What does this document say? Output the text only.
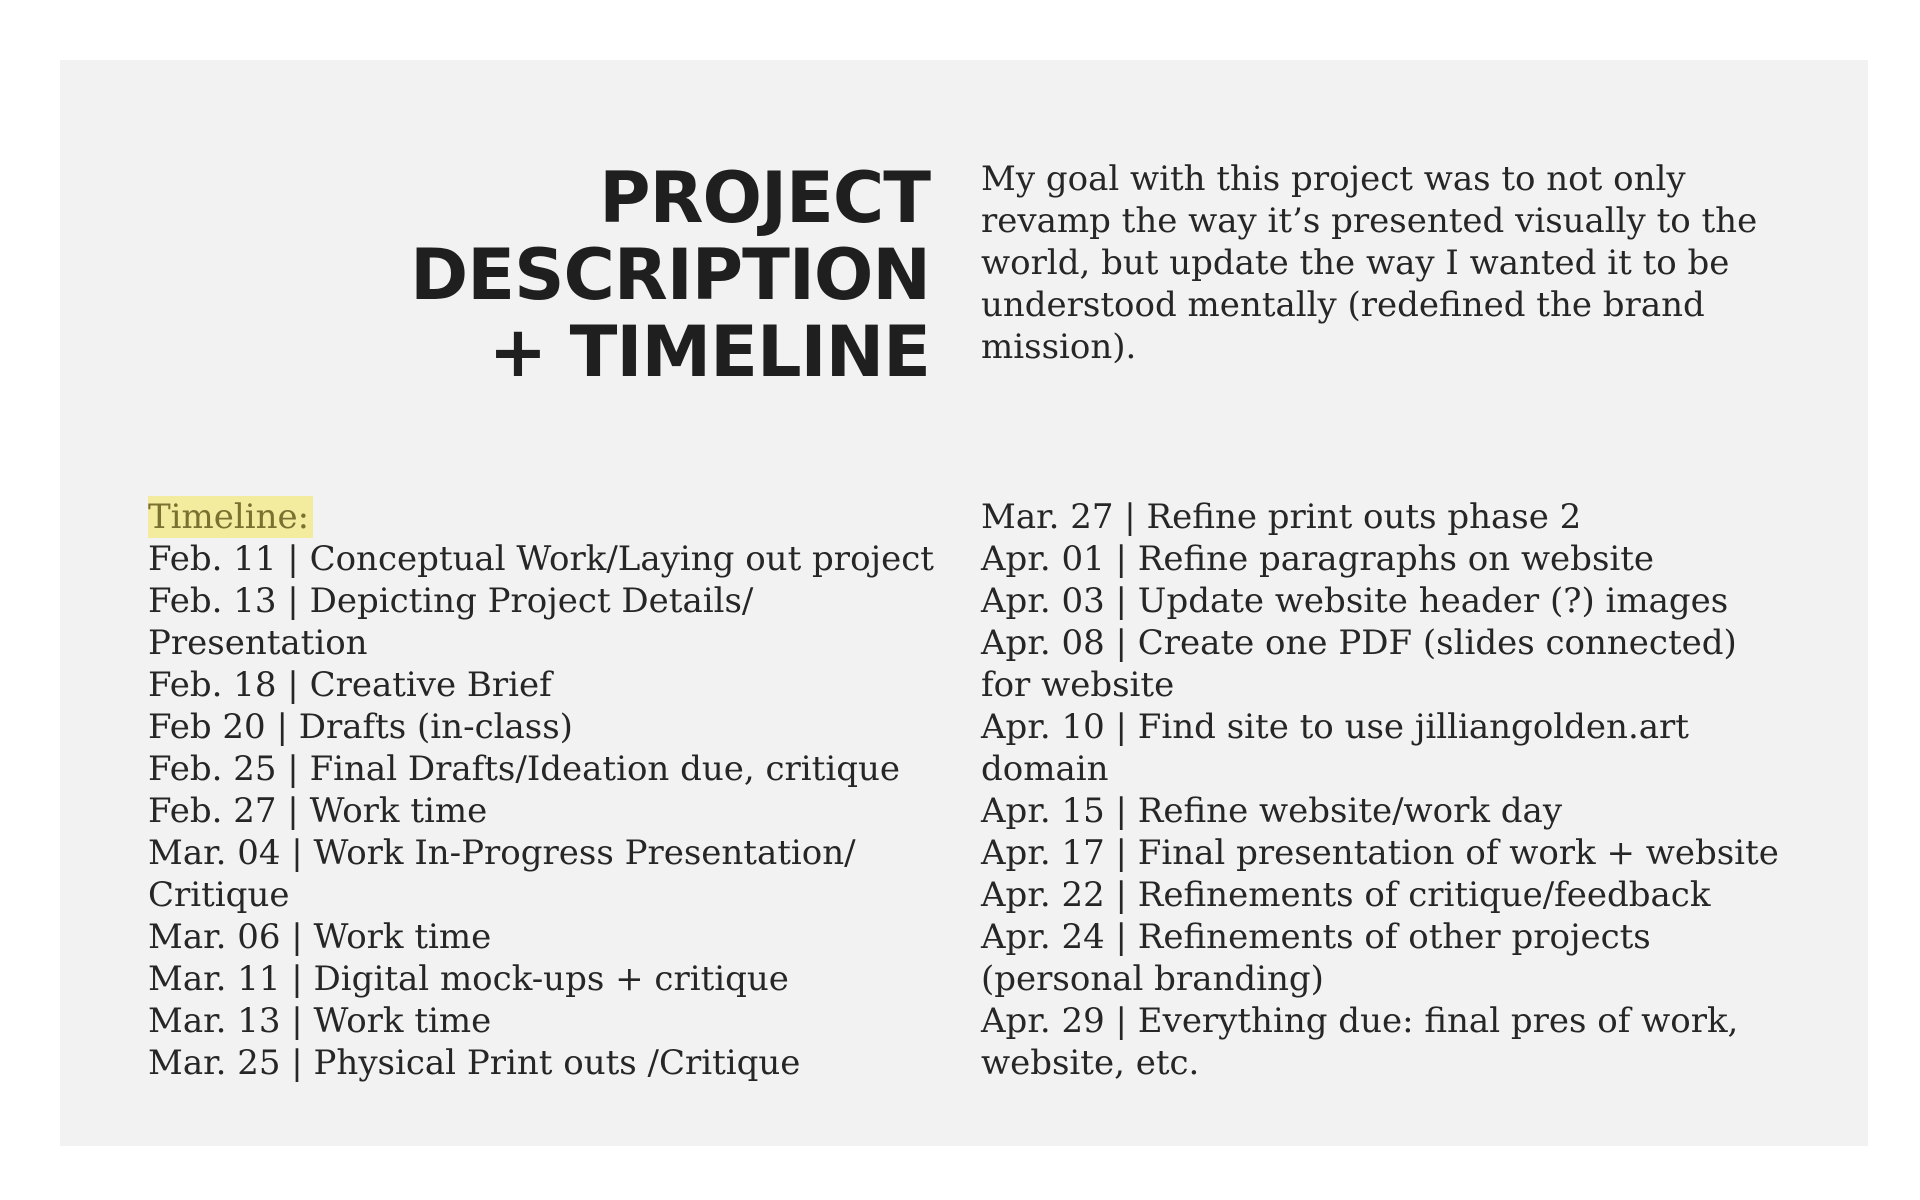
PROJECT
DESCRIPTION
+ TIMELINE

My goal with this project was to not only revamp the way it’s presented visually to the world, but update the way I wanted it to be understood mentally (redefined the brand mission).

Timeline:
Feb. 11 | Conceptual Work/Laying out project
Feb. 13 | Depicting Project Details/ Presentation
Feb. 18 | Creative Brief
Feb 20 | Drafts (in-class)
Feb. 25 | Final Drafts/Ideation due, critique
Feb. 27 | Work time
Mar. 04 | Work In-Progress Presentation/ Critique
Mar. 06 | Work time
Mar. 11 | Digital mock-ups + critique
Mar. 13 | Work time
Mar. 25 | Physical Print outs /Critique
Mar. 27 | Refine print outs phase 2
Apr. 01 | Refine paragraphs on website
Apr. 03 | Update website header (?) images
Apr. 08 | Create one PDF (slides connected) for website
Apr. 10 | Find site to use jilliangolden.art domain
Apr. 15 | Refine website/work day
Apr. 17 | Final presentation of work + website
Apr. 22 | Refinements of critique/feedback
Apr. 24 | Refinements of other projects (personal branding)
Apr. 29 | Everything due: final pres of work, website, etc.
